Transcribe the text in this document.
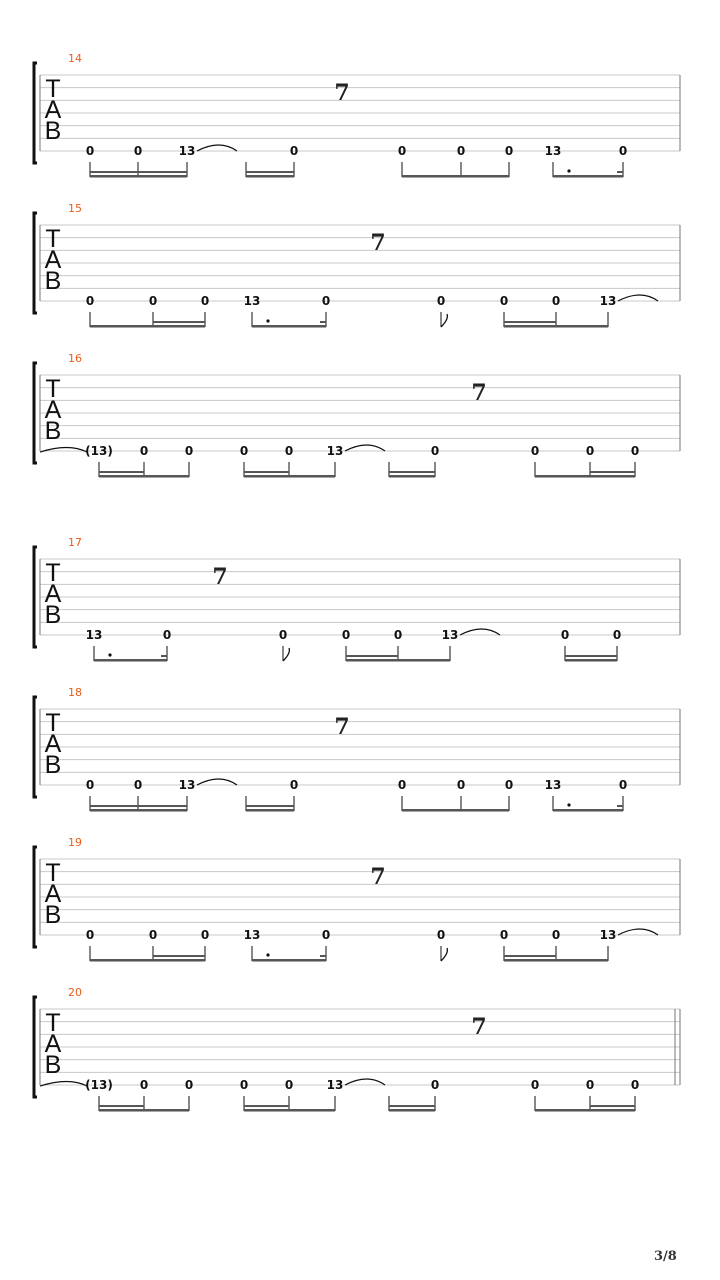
T
A
B
14
0	0	13	0
7
0	0	0	13	0
T
A
B
15
0	0	0	13	0
7
0	0	0	13
T
A
B
16
(13) 0	0	0	0	13	0
7
0	0	0
T
A
B
17
13	0
7
0	0	0	13	0	0
T
A
B
18
0	0	13	0
7
0	0	0	13	0
T
A
B
19
0	0	0	13	0
7
0	0	0	13
T
A
B
20
(13) 0	0	0	0	13	0
7
0	0	0
3/8
